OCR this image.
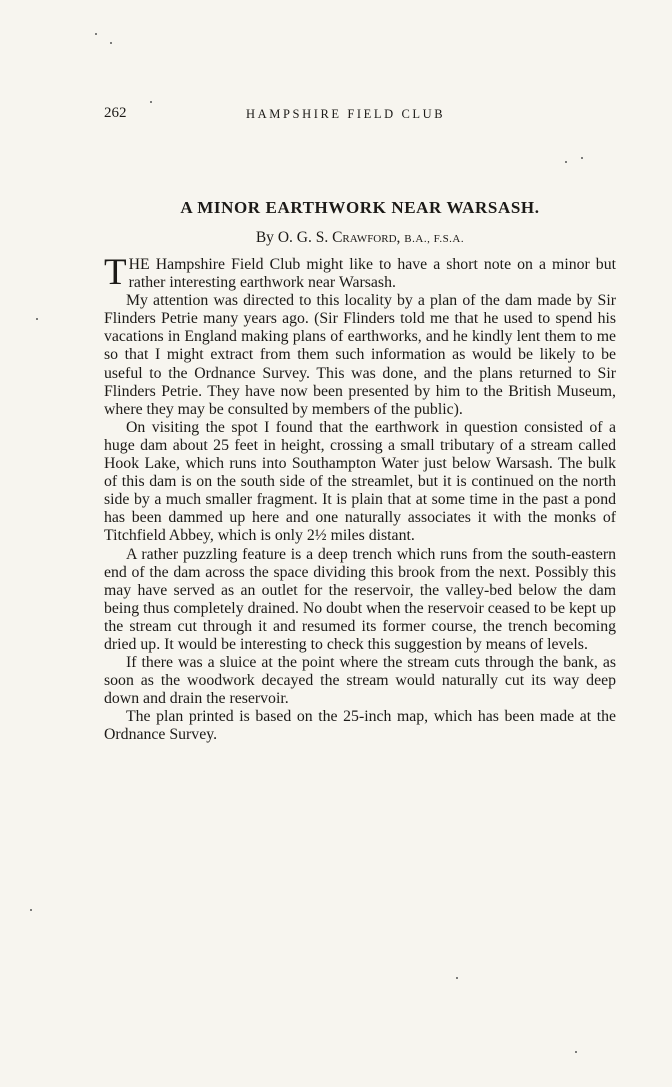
262	HAMPSHIRE FIELD CLUB
A MINOR EARTHWORK NEAR WARSASH.
By O. G. S. Crawford, B.A., F.S.A.

THE Hampshire Field Club might like to have a short note on a minor but rather interesting earthwork near Warsash.

My attention was directed to this locality by a plan of the dam made by Sir Flinders Petrie many years ago. (Sir Flinders told me that he used to spend his vacations in England making plans of earthworks, and he kindly lent them to me so that I might extract from them such information as would be likely to be useful to the Ordnance Survey. This was done, and the plans returned to Sir Flinders Petrie. They have now been presented by him to the British Museum, where they may be consulted by members of the public).

On visiting the spot I found that the earthwork in question consisted of a huge dam about 25 feet in height, crossing a small tributary of a stream called Hook Lake, which runs into Southampton Water just below Warsash. The bulk of this dam is on the south side of the streamlet, but it is continued on the north side by a much smaller fragment. It is plain that at some time in the past a pond has been dammed up here and one naturally associates it with the monks of Titchfield Abbey, which is only 2½ miles distant.

A rather puzzling feature is a deep trench which runs from the south-eastern end of the dam across the space dividing this brook from the next. Possibly this may have served as an outlet for the reservoir, the valley-bed below the dam being thus completely drained. No doubt when the reservoir ceased to be kept up the stream cut through it and resumed its former course, the trench becoming dried up. It would be interesting to check this suggestion by means of levels.

If there was a sluice at the point where the stream cuts through the bank, as soon as the woodwork decayed the stream would naturally cut its way deep down and drain the reservoir.

The plan printed is based on the 25-inch map, which has been made at the Ordnance Survey.
